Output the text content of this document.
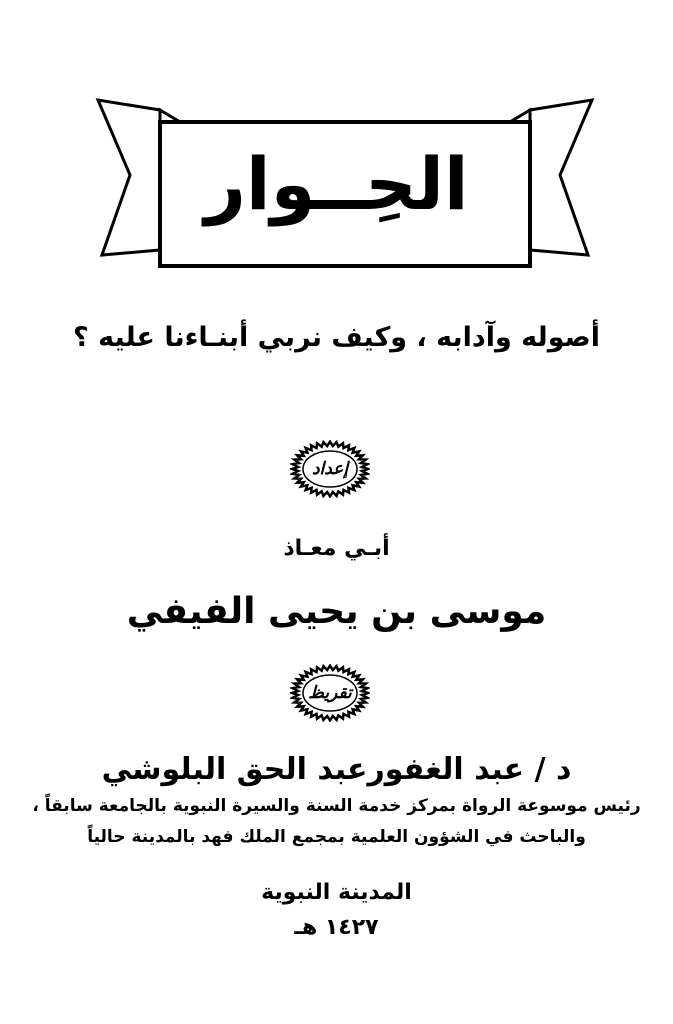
الحِــوار
أصوله وآدابه ، وكيف نربي أبنـاءنا عليه ؟
إعداد
أبـي معـاذ
موسى بن يحيى الفيفي
تقريظ
د / عبد الغفورعبد الحق البلوشي
رئيس موسوعة الرواة بمركز خدمة السنة والسيرة النبوية بالجامعة سابقاً ،
والباحث في الشؤون العلمية بمجمع الملك فهد بالمدينة حالياً
المدينة النبوية
١٤٢٧ هـ
